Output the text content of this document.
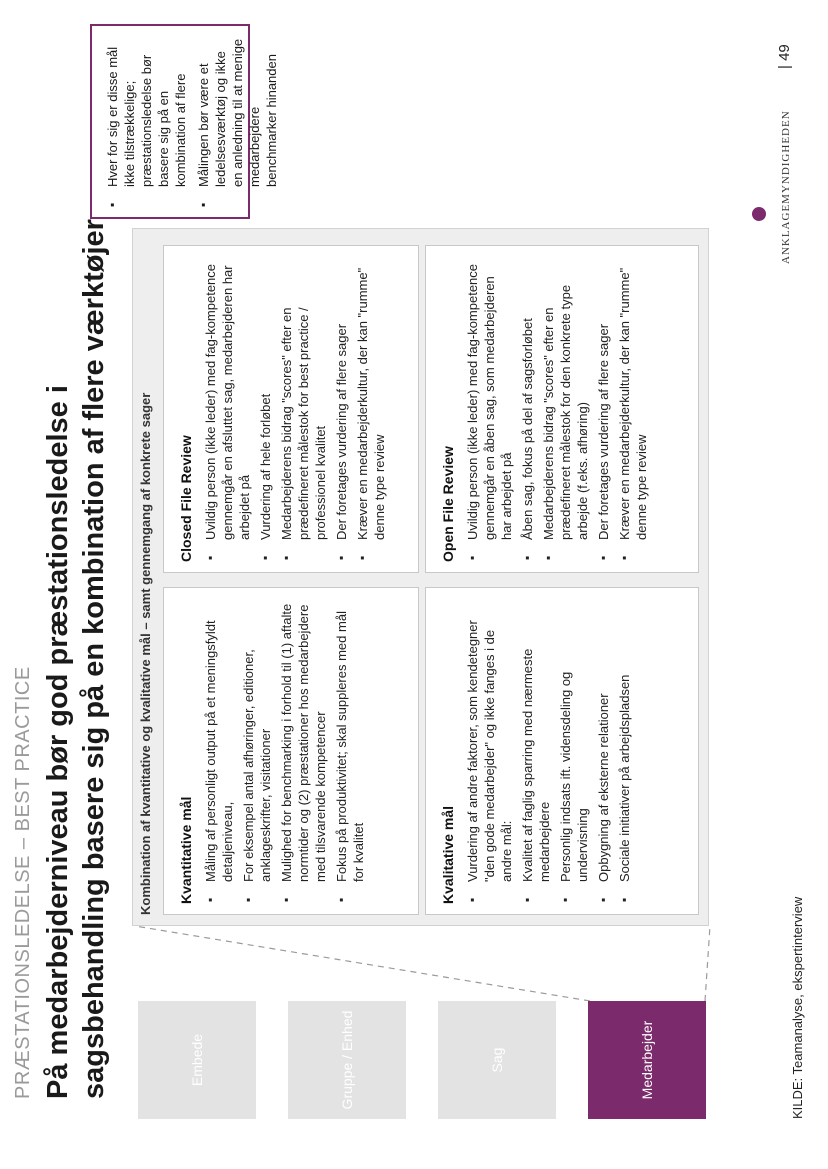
PRÆSTATIONSLEDELSE – BEST PRACTICE På medarbejderniveau bør god præstationsledelse i sagsbehandling basere sig på en kombination af flere værktøjer	Embede	Gruppe / Enhed	Sag	Medarbejder
Kombination af kvantitative og kvalitative mål – samt gennemgang af konkrete sager	Kvantitative mål ▪ Måling af personligt output på et meningsfyldt detaljeniveau, ▪ For eksempel antal afhøringer, editioner, anklageskrifter, visitationer ▪ Mulighed for benchmarking i forhold til (1) aftalte normtider og (2) præstationer hos medarbejdere med tilsvarende kompetencer ▪ Fokus på produktivitet; skal suppleres med mål for kvalitet
Closed File Review ▪ Uvildig person (ikke leder) med fag-kompetence gennemgår en afsluttet sag, medarbejderen har arbejdet på ▪ Vurdering af hele forløbet ▪ Medarbejderens bidrag "scores" efter en prædefineret målestok for best practice / professionel kvalitet ▪ Der foretages vurdering af flere sager ▪ Kræver en medarbejderkultur, der kan "rumme" denne type review
Kvalitative mål ▪ Vurdering af andre faktorer, som kendetegner "den gode medarbejder" og ikke fanges i de andre mål: ▪ Kvalitet af faglig sparring med nærmeste medarbejdere ▪ Personlig indsats ift. vidensdeling og undervisning ▪ Opbygning af eksterne relationer ▪ Sociale initiativer på arbejdspladsen
Open File Review ▪ Uvildig person (ikke leder) med fag-kompetence gennemgår en åben sag, som medarbejderen har arbejdet på ▪ Åben sag, fokus på del af sagsforløbet ▪ Medarbejderens bidrag "scores" efter en prædefineret målestok for den konkrete type arbejde (f.eks. afhøring) ▪ Der foretages vurdering af flere sager ▪ Kræver en medarbejderkultur, der kan "rumme" denne type review
▪ Hver for sig er disse mål ikke tilstrækkelige; præstationsledelse bør basere sig på en kombination af flere ▪ Målingen bør være et ledelsesværktøj og ikke en anledning til at menige medarbejdere benchmarker hinanden
KILDE: Teamanalyse, ekspertinterview
ANKLAGEMYNDIGHEDEN
| 49
